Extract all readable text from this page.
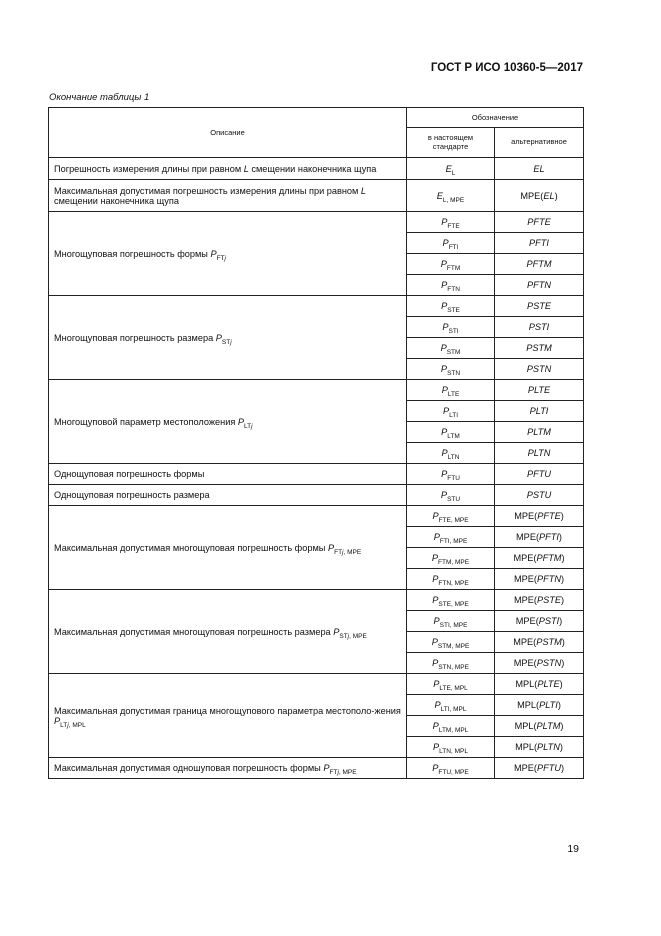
ГОСТ Р ИСО 10360-5—2017
Окончание таблицы 1
Описание	Обозначение	
	в настоящем стандарте	альтернативное
Погрешность измерения длины при равном L смещении наконечника щупа	$E_L$	EL
Максимальная допустимая погрешность измерения длины при равном L смещении наконечника щупа	$E_{L, MPE}$	MPE(EL)
Многощуповая погрешность формы $P_{FTj}$	$P_{FTE}$	PFTE
	$P_{FTI}$	PFTI
	$P_{FTM}$	PFTM
	$P_{FTN}$	PFTN
Многощуповая погрешность размера $P_{STj}$	$P_{STE}$	PSTE
	$P_{STI}$	PSTI
	$P_{STM}$	PSTM
	$P_{STN}$	PSTN
Многощуповой параметр местоположения $P_{LTj}$	$P_{LTE}$	PLTE
	$P_{LTI}$	PLTI
	$P_{LTM}$	PLTM
	$P_{LTN}$	PLTN
Однощуповая погрешность формы	$P_{FTU}$	PFTU
Однощуповая погрешность размера	$P_{STU}$	PSTU
Максимальная допустимая многощуповая погрешность формы $P_{FTj, MPE}$	$P_{FTE, MPE}$	MPE(PFTE)
	$P_{FTI, MPE}$	MPE(PFTI)
	$P_{FTM, MPE}$	MPE(PFTM)
	$P_{FTN, MPE}$	MPE(PFTN)
Максимальная допустимая многощуповая погрешность размера $P_{STj, MPE}$	$P_{STE, MPE}$	MPE(PSTE)
	$P_{STI, MPE}$	MPE(PSTI)
	$P_{STM, MPE}$	MPE(PSTM)
	$P_{STN, MPE}$	MPE(PSTN)
Максимальная допустимая граница многощупового параметра местополо-жения $P_{LTj, MPL}$	$P_{LTE, MPL}$	MPL(PLTE)
	$P_{LTI, MPL}$	MPL(PLTI)
	$P_{LTM, MPL}$	MPL(PLTM)
	$P_{LTN, MPL}$	MPL(PLTN)
Максимальная допустимая одношуповая погрешность формы $P_{FTj, MPE}$	$P_{FTU, MPE}$	MPE(PFTU)
19
